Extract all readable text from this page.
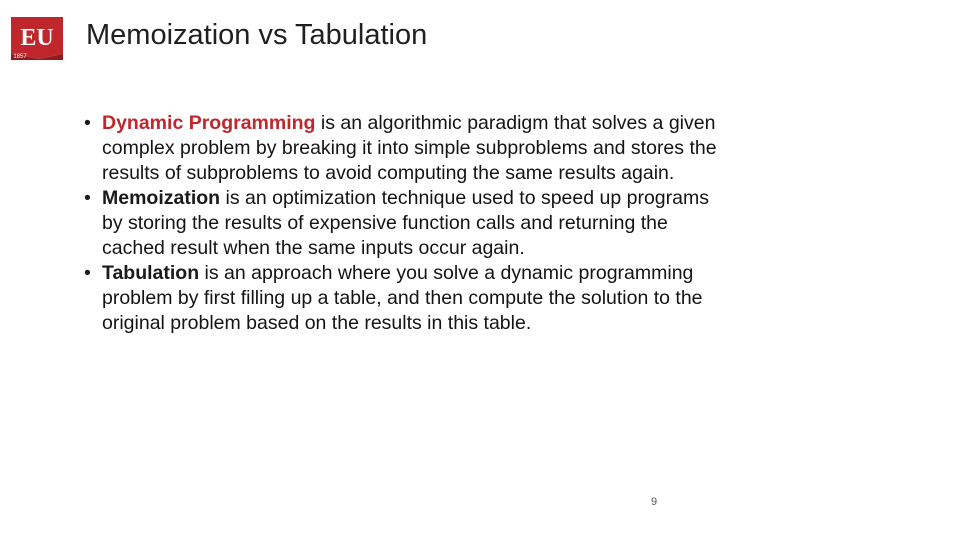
EU
1857
Memoization vs Tabulation
• Dynamic Programming is an algorithmic paradigm that solves a given complex problem by breaking it into simple subproblems and stores the results of subproblems to avoid computing the same results again.
• Memoization is an optimization technique used to speed up programs by storing the results of expensive function calls and returning the cached result when the same inputs occur again.
• Tabulation is an approach where you solve a dynamic programming problem by first filling up a table, and then compute the solution to the original problem based on the results in this table.
9
